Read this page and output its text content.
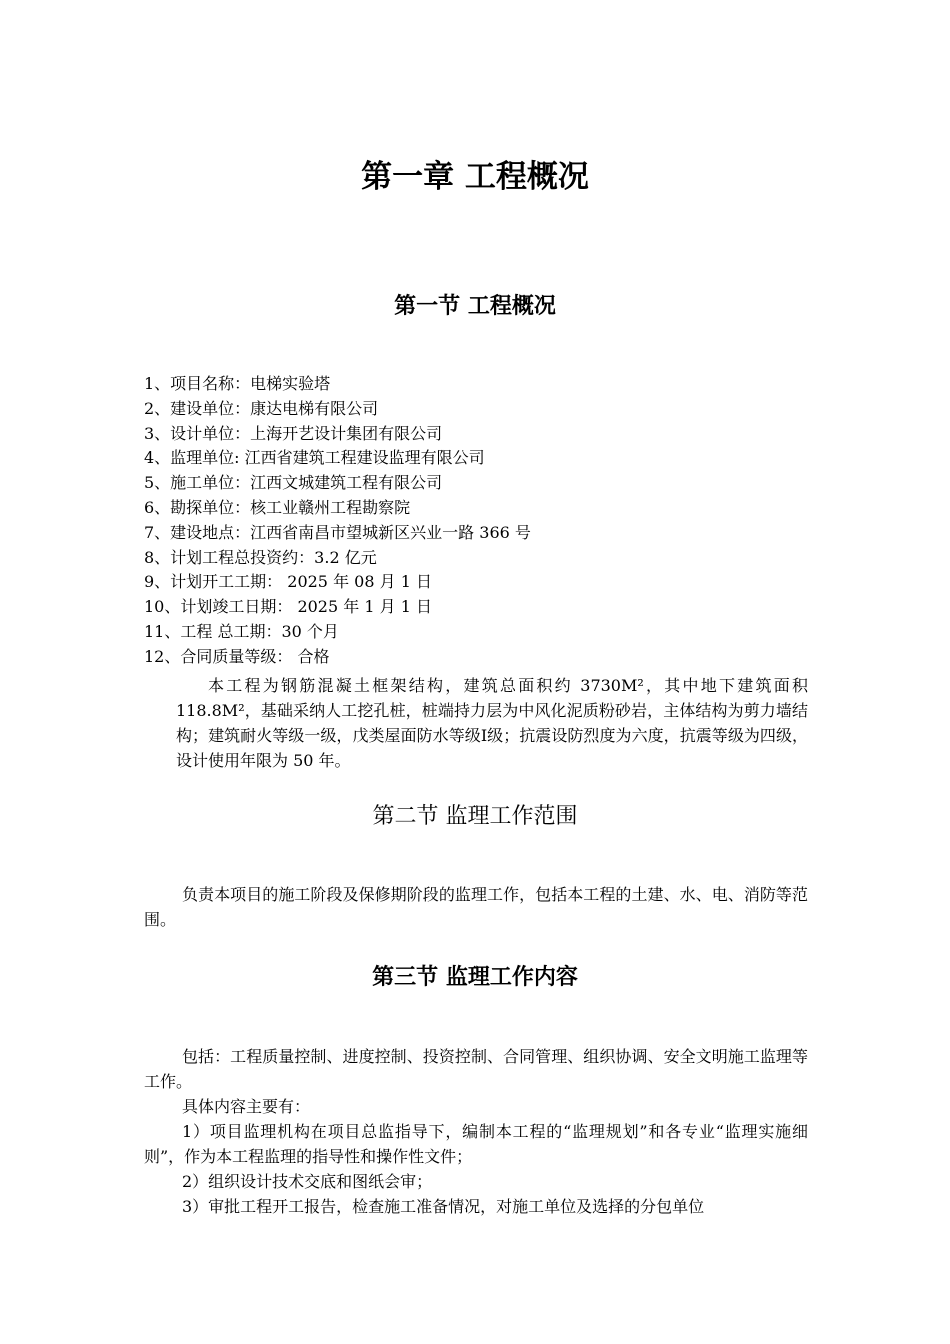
第一章 工程概况
第一节 工程概况
1、项目名称：电梯实验塔
2、建设单位：康达电梯有限公司
3、设计单位：上海开艺设计集团有限公司
4、监理单位: 江西省建筑工程建设监理有限公司
5、施工单位：江西文城建筑工程有限公司
6、勘探单位：核工业赣州工程勘察院
7、建设地点：江西省南昌市望城新区兴业一路 366 号
8、计划工程总投资约：3.2 亿元
9、计划开工工期： 2025 年 08 月 1 日
10、计划竣工日期： 2025 年 1 月 1 日
11、工程 总工期：30 个月
12、合同质量等级： 合格

本工程为钢筋混凝土框架结构，建筑总面积约 3730M²，其中地下建筑面积 118.8M²，基础采纳人工挖孔桩，桩端持力层为中风化泥质粉砂岩，主体结构为剪力墙结构；建筑耐火等级一级，戊类屋面防水等级Ⅰ级；抗震设防烈度为六度，抗震等级为四级，设计使用年限为 50 年。

第二节 监理工作范围

负责本项目的施工阶段及保修期阶段的监理工作，包括本工程的土建、水、电、消防等范围。

第三节 监理工作内容

包括：工程质量控制、进度控制、投资控制、合同管理、组织协调、安全文明施工监理等工作。

具体内容主要有：

1）项目监理机构在项目总监指导下，编制本工程的“监理规划”和各专业“监理实施细则”，作为本工程监理的指导性和操作性文件；

2）组织设计技术交底和图纸会审；

3）审批工程开工报告，检查施工准备情况，对施工单位及选择的分包单位
